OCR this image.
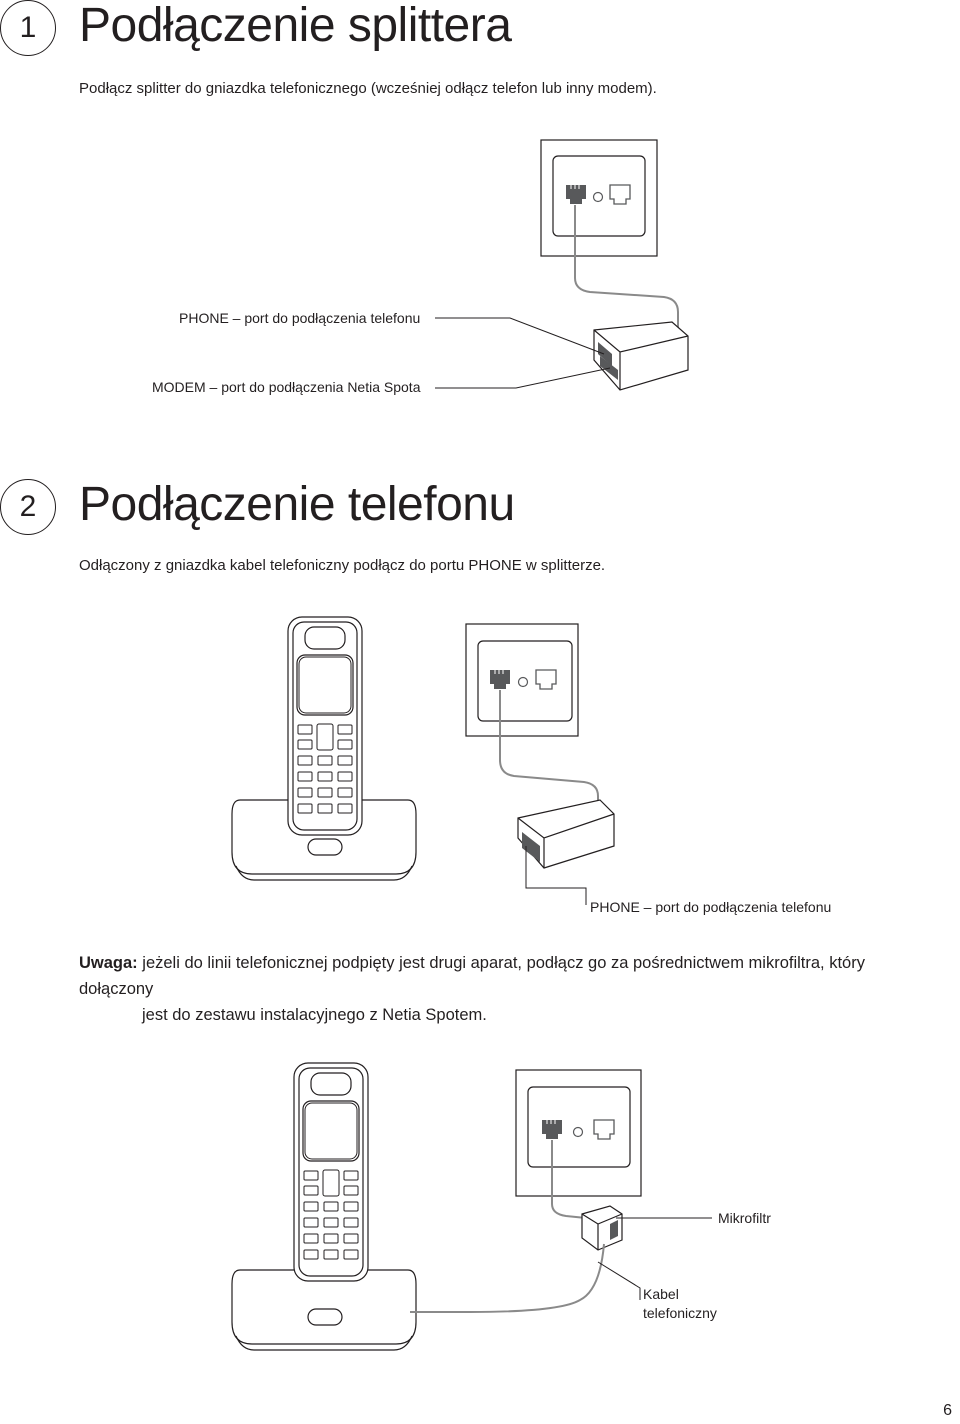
1 Podłączenie splittera
Podłącz splitter do gniazdka telefonicznego (wcześniej odłącz telefon lub inny modem).
PHONE – port do podłączenia telefonu
MODEM – port do podłączenia Netia Spota
2 Podłączenie telefonu
Odłączony z gniazdka kabel telefoniczny podłącz do portu PHONE w splitterze.
PHONE – port do podłączenia telefonu
Uwaga: jeżeli do linii telefonicznej podpięty jest drugi aparat, podłącz go za pośrednictwem mikrofiltra, który dołączony
jest do zestawu instalacyjnego z Netia Spotem.
Mikrofiltr
Kabel
telefoniczny
6
